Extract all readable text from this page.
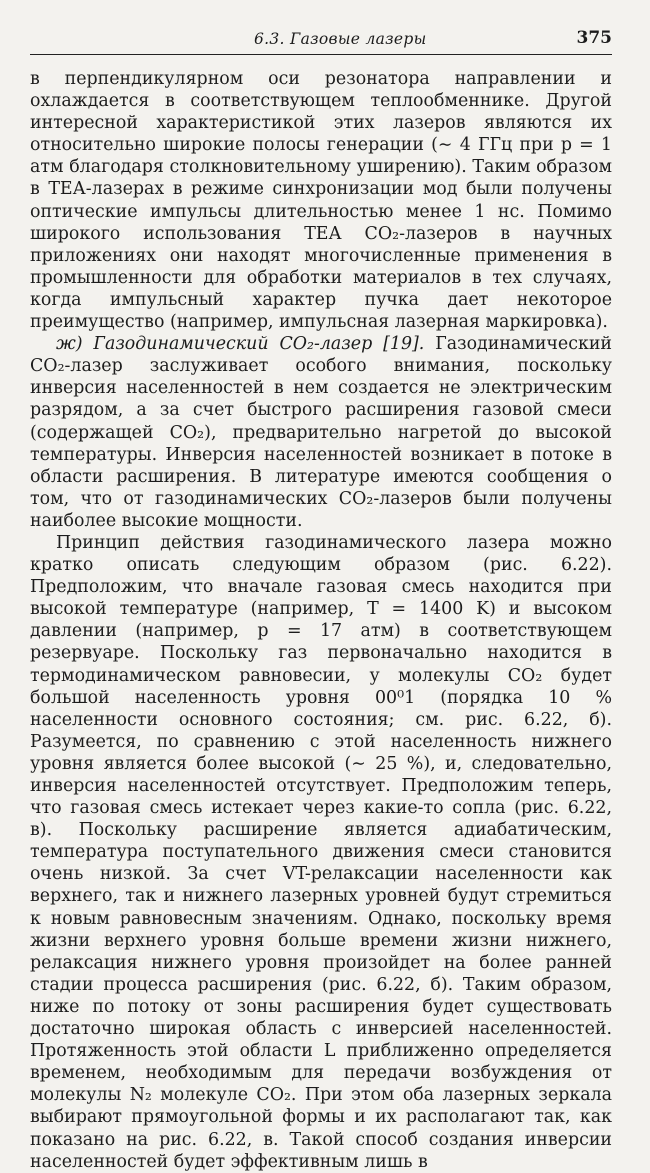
6.3. Газовые лазеры	375

в перпендикулярном оси резонатора направлении и охлаждается в соответствующем теплообменнике. Другой интересной характеристикой этих лазеров являются их относительно широкие полосы генерации (∼ 4 ГГц при p = 1 атм благодаря столкновительному уширению). Таким образом в ТЕА-лазерах в режиме синхронизации мод были получены оптические импульсы длительностью менее 1 нс. Помимо широкого использования ТЕА CO₂-лазеров в научных приложениях они находят многочисленные применения в промышленности для обработки материалов в тех случаях, когда импульсный характер пучка дает некоторое преимущество (например, импульсная лазерная маркировка).

ж) Газодинамический CO₂-лазер [19]. Газодинамический CO₂-лазер заслуживает особого внимания, поскольку инверсия населенностей в нем создается не электрическим разрядом, а за счет быстрого расширения газовой смеси (содержащей CO₂), предварительно нагретой до высокой температуры. Инверсия населенностей возникает в потоке в области расширения. В литературе имеются сообщения о том, что от газодинамических CO₂-лазеров были получены наиболее высокие мощности.

Принцип действия газодинамического лазера можно кратко описать следующим образом (рис. 6.22). Предположим, что вначале газовая смесь находится при высокой температуре (например, T = 1400 K) и высоком давлении (например, p = 17 атм) в соответствующем резервуаре. Поскольку газ первоначально находится в термодинамическом равновесии, у молекулы CO₂ будет большой населенность уровня 00⁰1 (порядка 10 % населенности основного состояния; см. рис. 6.22, б). Разумеется, по сравнению с этой населенность нижнего уровня является более высокой (∼ 25 %), и, следовательно, инверсия населенностей отсутствует. Предположим теперь, что газовая смесь истекает через какие-то сопла (рис. 6.22, в). Поскольку расширение является адиабатическим, температура поступательного движения смеси становится очень низкой. За счет VT-релаксации населенности как верхнего, так и нижнего лазерных уровней будут стремиться к новым равновесным значениям. Однако, поскольку время жизни верхнего уровня больше времени жизни нижнего, релаксация нижнего уровня произойдет на более ранней стадии процесса расширения (рис. 6.22, б). Таким образом, ниже по потоку от зоны расширения будет существовать достаточно широкая область с инверсией населенностей. Протяженность этой области L приближенно определяется временем, необходимым для передачи возбуждения от молекулы N₂ молекуле CO₂. При этом оба лазерных зеркала выбирают прямоугольной формы и их располагают так, как показано на рис. 6.22, в. Такой способ создания инверсии населенностей будет эффективным лишь в
